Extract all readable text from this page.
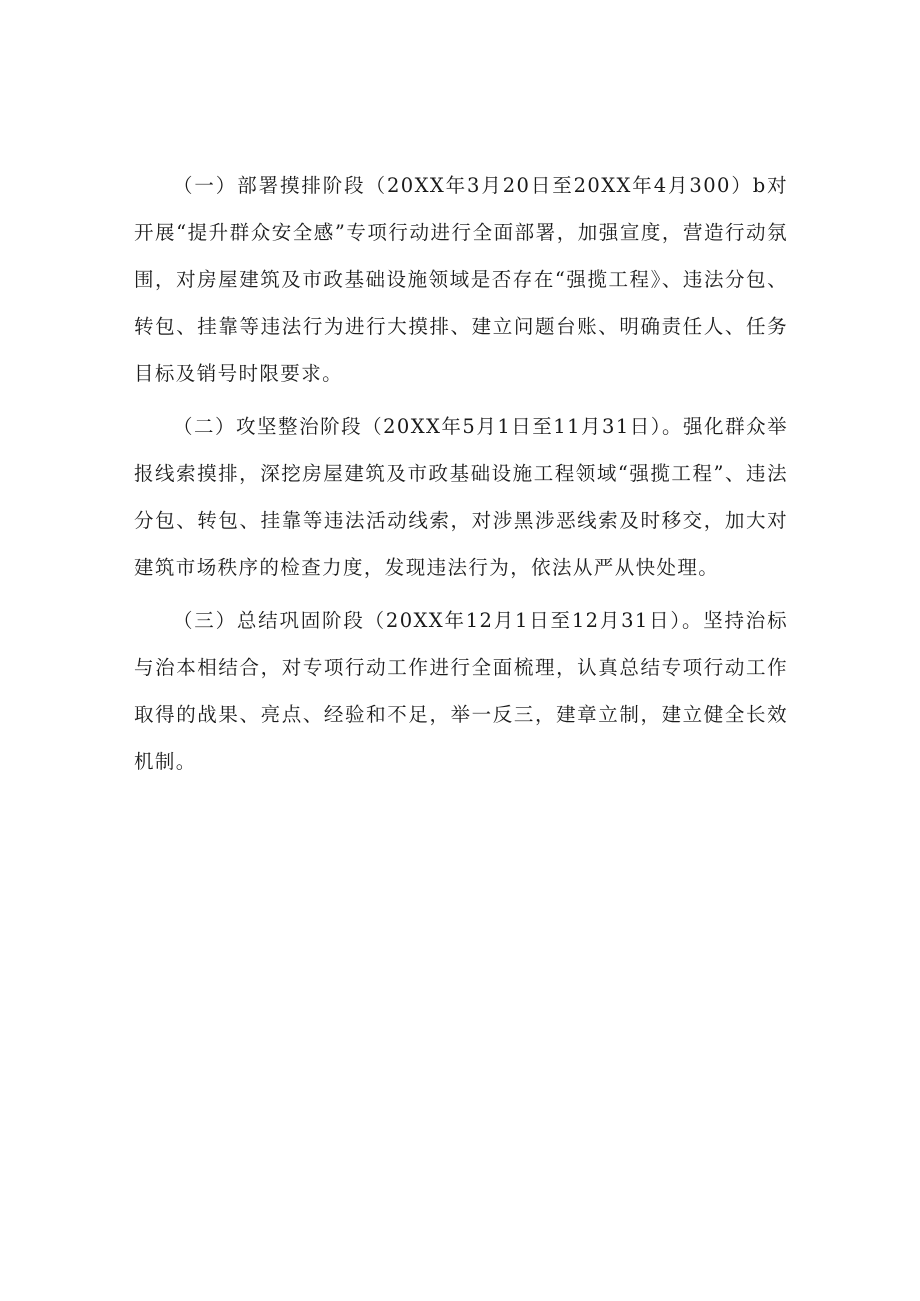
（一）部署摸排阶段（20XX年3月20日至20XX年4月300）b对开展“提升群众安全感”专项行动进行全面部署，加强宣度，营造行动氛围，对房屋建筑及市政基础设施领域是否存在“强揽工程》、违法分包、转包、挂靠等违法行为进行大摸排、建立问题台账、明确责任人、任务目标及销号时限要求。

（二）攻坚整治阶段（20XX年5月1日至11月31日）。强化群众举报线索摸排，深挖房屋建筑及市政基础设施工程领域“强揽工程”、违法分包、转包、挂靠等违法活动线索，对涉黑涉恶线索及时移交，加大对建筑市场秩序的检查力度，发现违法行为，依法从严从快处理。

（三）总结巩固阶段（20XX年12月1日至12月31日）。坚持治标与治本相结合，对专项行动工作进行全面梳理，认真总结专项行动工作取得的战果、亮点、经验和不足，举一反三，建章立制，建立健全长效机制。
